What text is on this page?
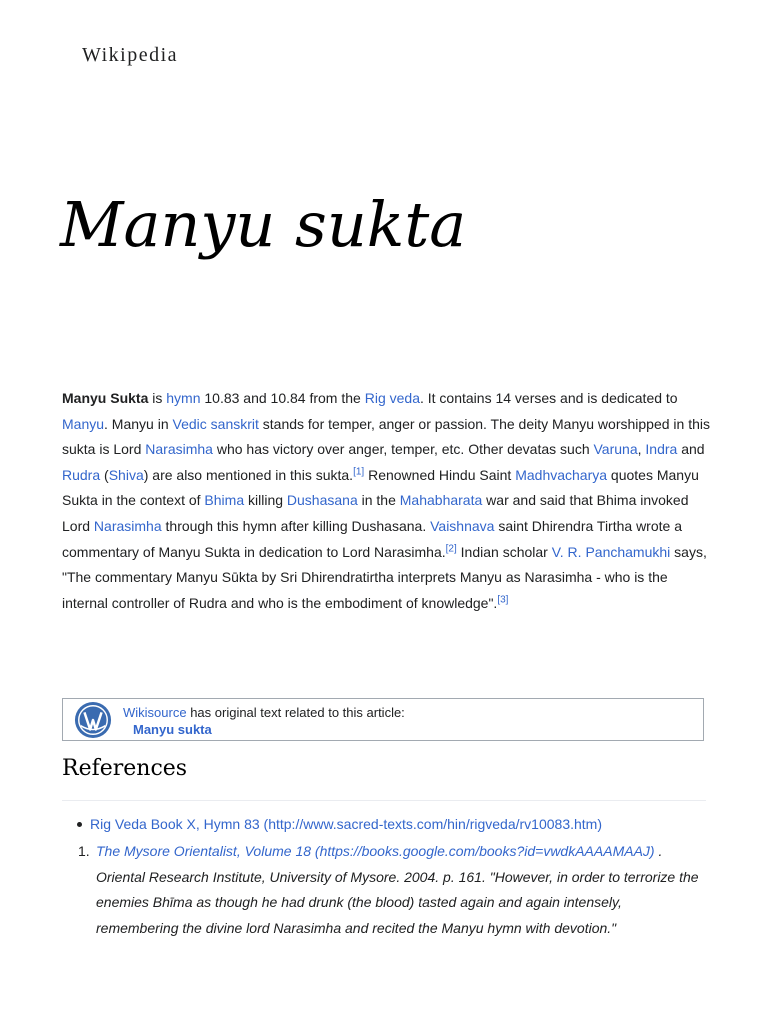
Wikipedia
Manyu sukta

Manyu Sukta is hymn 10.83 and 10.84 from the Rig veda. It contains 14 verses and is dedicated to Manyu. Manyu in Vedic sanskrit stands for temper, anger or passion. The deity Manyu worshipped in this sukta is Lord Narasimha who has victory over anger, temper, etc. Other devatas such Varuna, Indra and Rudra (Shiva) are also mentioned in this sukta.[1] Renowned Hindu Saint Madhvacharya quotes Manyu Sukta in the context of Bhima killing Dushasana in the Mahabharata war and said that Bhima invoked Lord Narasimha through this hymn after killing Dushasana. Vaishnava saint Dhirendra Tirtha wrote a commentary of Manyu Sukta in dedication to Lord Narasimha.[2] Indian scholar V. R. Panchamukhi says, "The commentary Manyu Sūkta by Sri Dhirendratirtha interprets Manyu as Narasimha - who is the internal controller of Rudra and who is the embodiment of knowledge".[3]

Wikisource has original text related to this article:
Manyu sukta
References
Rig Veda Book X, Hymn 83 (http://www.sacred-texts.com/hin/rigveda/rv10083.htm)
1. The Mysore Orientalist, Volume 18 (https://books.google.com/books?id=vwdkAAAAMAAJ) . Oriental Research Institute, University of Mysore. 2004. p. 161. "However, in order to terrorize the enemies Bhīma as though he had drunk (the blood) tasted again and again intensely, remembering the divine lord Narasimha and recited the Manyu hymn with devotion."
